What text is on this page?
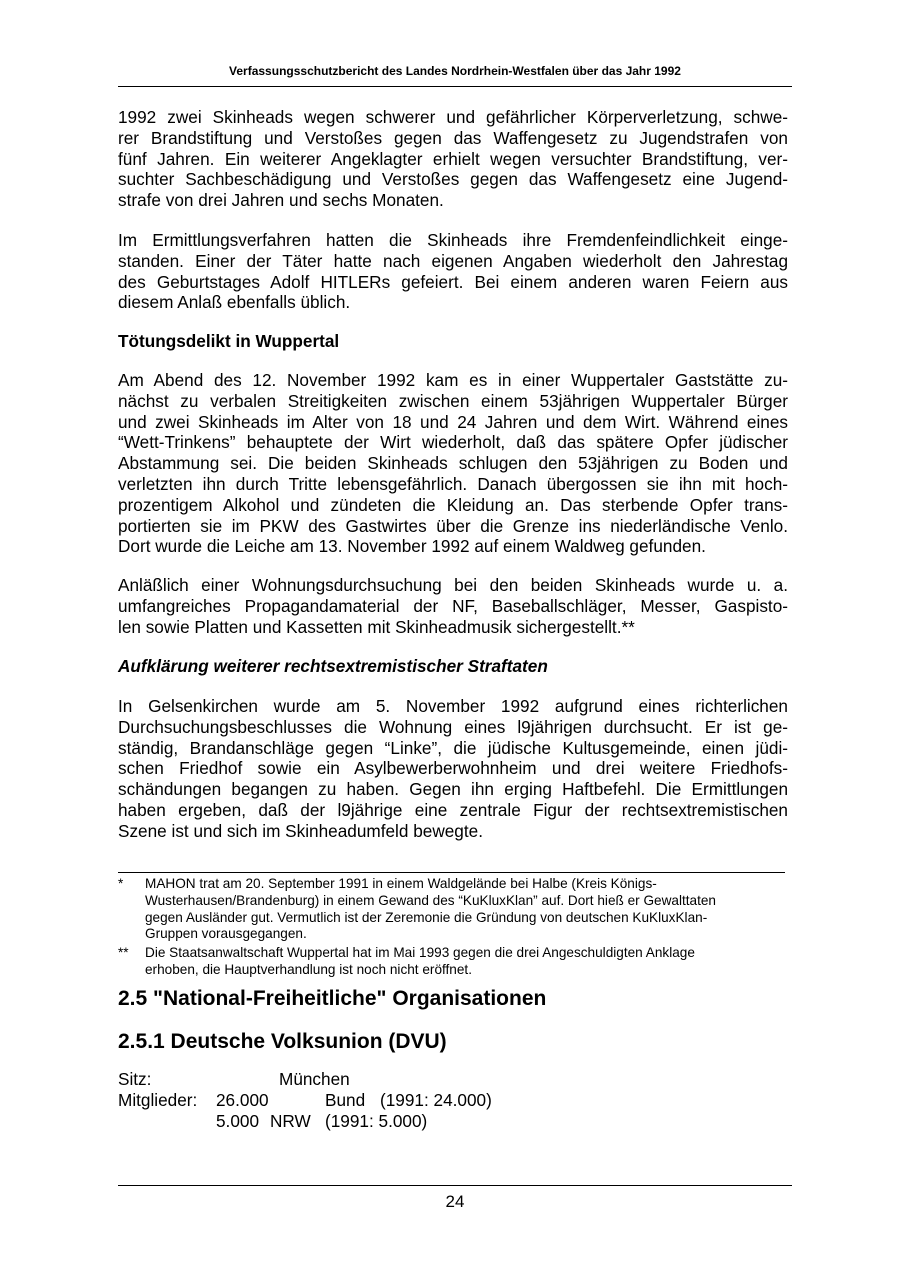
Verfassungsschutzbericht des Landes Nordrhein-Westfalen über das Jahr 1992
1992 zwei Skinheads wegen schwerer und gefährlicher Körperverletzung, schwe-
rer Brandstiftung und Verstoßes gegen das Waffengesetz zu Jugendstrafen von
fünf Jahren. Ein weiterer Angeklagter erhielt wegen versuchter Brandstiftung, ver-
suchter Sachbeschädigung und Verstoßes gegen das Waffengesetz eine Jugend-
strafe von drei Jahren und sechs Monaten.
Im Ermittlungsverfahren hatten die Skinheads ihre Fremdenfeindlichkeit einge-
standen. Einer der Täter hatte nach eigenen Angaben wiederholt den Jahrestag
des Geburtstages Adolf HITLERs gefeiert. Bei einem anderen waren Feiern aus
diesem Anlaß ebenfalls üblich.
Tötungsdelikt in Wuppertal
Am Abend des 12. November 1992 kam es in einer Wuppertaler Gaststätte zu-
nächst zu verbalen Streitigkeiten zwischen einem 53jährigen Wuppertaler Bürger
und zwei Skinheads im Alter von 18 und 24 Jahren und dem Wirt. Während eines
“Wett-Trinkens” behauptete der Wirt wiederholt, daß das spätere Opfer jüdischer
Abstammung sei. Die beiden Skinheads schlugen den 53jährigen zu Boden und
verletzten ihn durch Tritte lebensgefährlich. Danach übergossen sie ihn mit hoch-
prozentigem Alkohol und zündeten die Kleidung an. Das sterbende Opfer trans-
portierten sie im PKW des Gastwirtes über die Grenze ins niederländische Venlo.
Dort wurde die Leiche am 13. November 1992 auf einem Waldweg gefunden.
Anläßlich einer Wohnungsdurchsuchung bei den beiden Skinheads wurde u. a.
umfangreiches Propagandamaterial der NF, Baseballschläger, Messer, Gaspisto-
len sowie Platten und Kassetten mit Skinheadmusik sichergestellt.**
Aufklärung weiterer rechtsextremistischer Straftaten
In Gelsenkirchen wurde am 5. November 1992 aufgrund eines richterlichen
Durchsuchungsbeschlusses die Wohnung eines l9jährigen durchsucht. Er ist ge-
ständig, Brandanschläge gegen “Linke”, die jüdische Kultusgemeinde, einen jüdi-
schen Friedhof sowie ein Asylbewerberwohnheim und drei weitere Friedhofs-
schändungen begangen zu haben. Gegen ihn erging Haftbefehl. Die Ermittlungen
haben ergeben, daß der l9jährige eine zentrale Figur der rechtsextremistischen
Szene ist und sich im Skinheadumfeld bewegte.
* MAHON trat am 20. September 1991 in einem Waldgelände bei Halbe (Kreis Königs-
Wusterhausen/Brandenburg) in einem Gewand des “KuKluxKlan” auf. Dort hieß er Gewalttaten
gegen Ausländer gut. Vermutlich ist der Zeremonie die Gründung von deutschen KuKluxKlan-
Gruppen vorausgegangen.
** Die Staatsanwaltschaft Wuppertal hat im Mai 1993 gegen die drei Angeschuldigten Anklage
erhoben, die Hauptverhandlung ist noch nicht eröffnet.
2.5 "National-Freiheitliche" Organisationen
2.5.1 Deutsche Volksunion (DVU)
Sitz:	München
Mitglieder: 26.000	Bund (1991: 24.000)
5.000 NRW (1991: 5.000)
24
